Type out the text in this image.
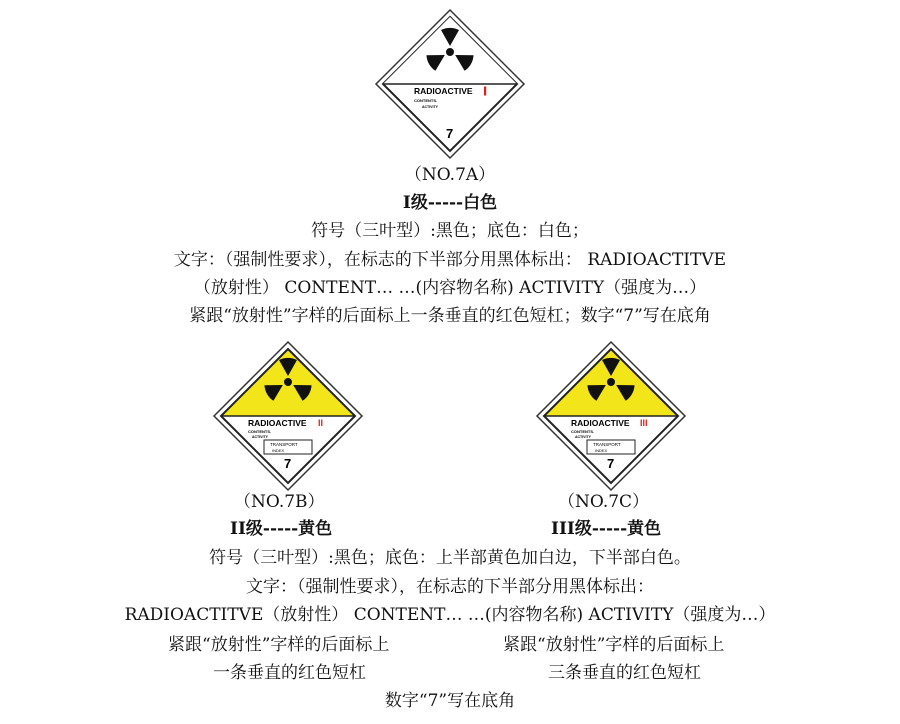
RADIOACTIVE
CONTENTS.
ACTIVITY
7
（NO.7A）
I级-----白色
符号（三叶型）:黑色；底色：白色；
文字：（强制性要求），在标志的下半部分用黑体标出： RADIOACTITVE
（放射性） CONTENT… …(内容物名称) ACTIVITY（强度为…）
紧跟“放射性”字样的后面标上一条垂直的红色短杠；数字“7”写在底角
RADIOACTIVE II
CONTENTS.
ACTIVITY
TRANSPORT
INDEX
7
RADIOACTIVE III
CONTENTS.
ACTIVITY
TRANSPORT
INDEX
7
（NO.7B）
II级-----黄色
（NO.7C）
III级-----黄色
符号（三叶型）:黑色；底色：上半部黄色加白边，下半部白色。
文字：（强制性要求），在标志的下半部分用黑体标出：
RADIOACTITVE（放射性） CONTENT… …(内容物名称) ACTIVITY（强度为…）
紧跟“放射性”字样的后面标上
一条垂直的红色短杠
紧跟“放射性”字样的后面标上
三条垂直的红色短杠
数字“7”写在底角
